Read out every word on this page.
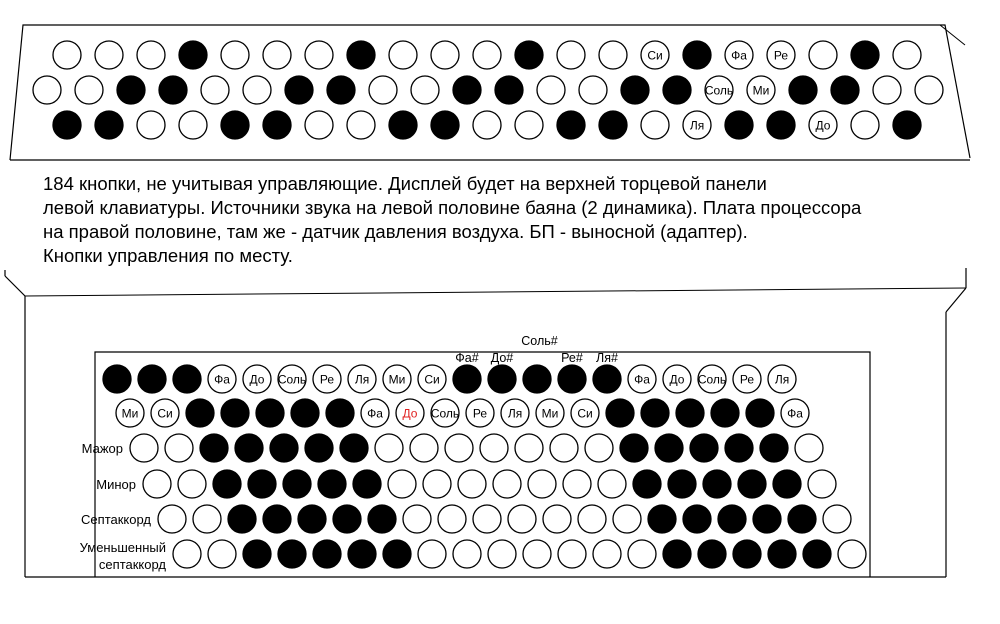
Си	Фа Ре
Соль Ми
Ля	До
Фа До Соль Ре Ля Ми Си	Фа До Соль Ре Ля
Соль#
Фа# До#	Ре# Ля#
Ми Си	Фа До Соль Ре Ля Ми Си	Фа
Мажор
Минор
Септаккорд
Уменьшенный
септаккорд
184 кнопки, не учитывая управляющие. Дисплей будет на верхней торцевой панели
левой клавиатуры. Источники звука на левой половине баяна (2 динамика). Плата процессора
на правой половине, там же - датчик давления воздуха. БП - выносной (адаптер).
Кнопки управления по месту.
